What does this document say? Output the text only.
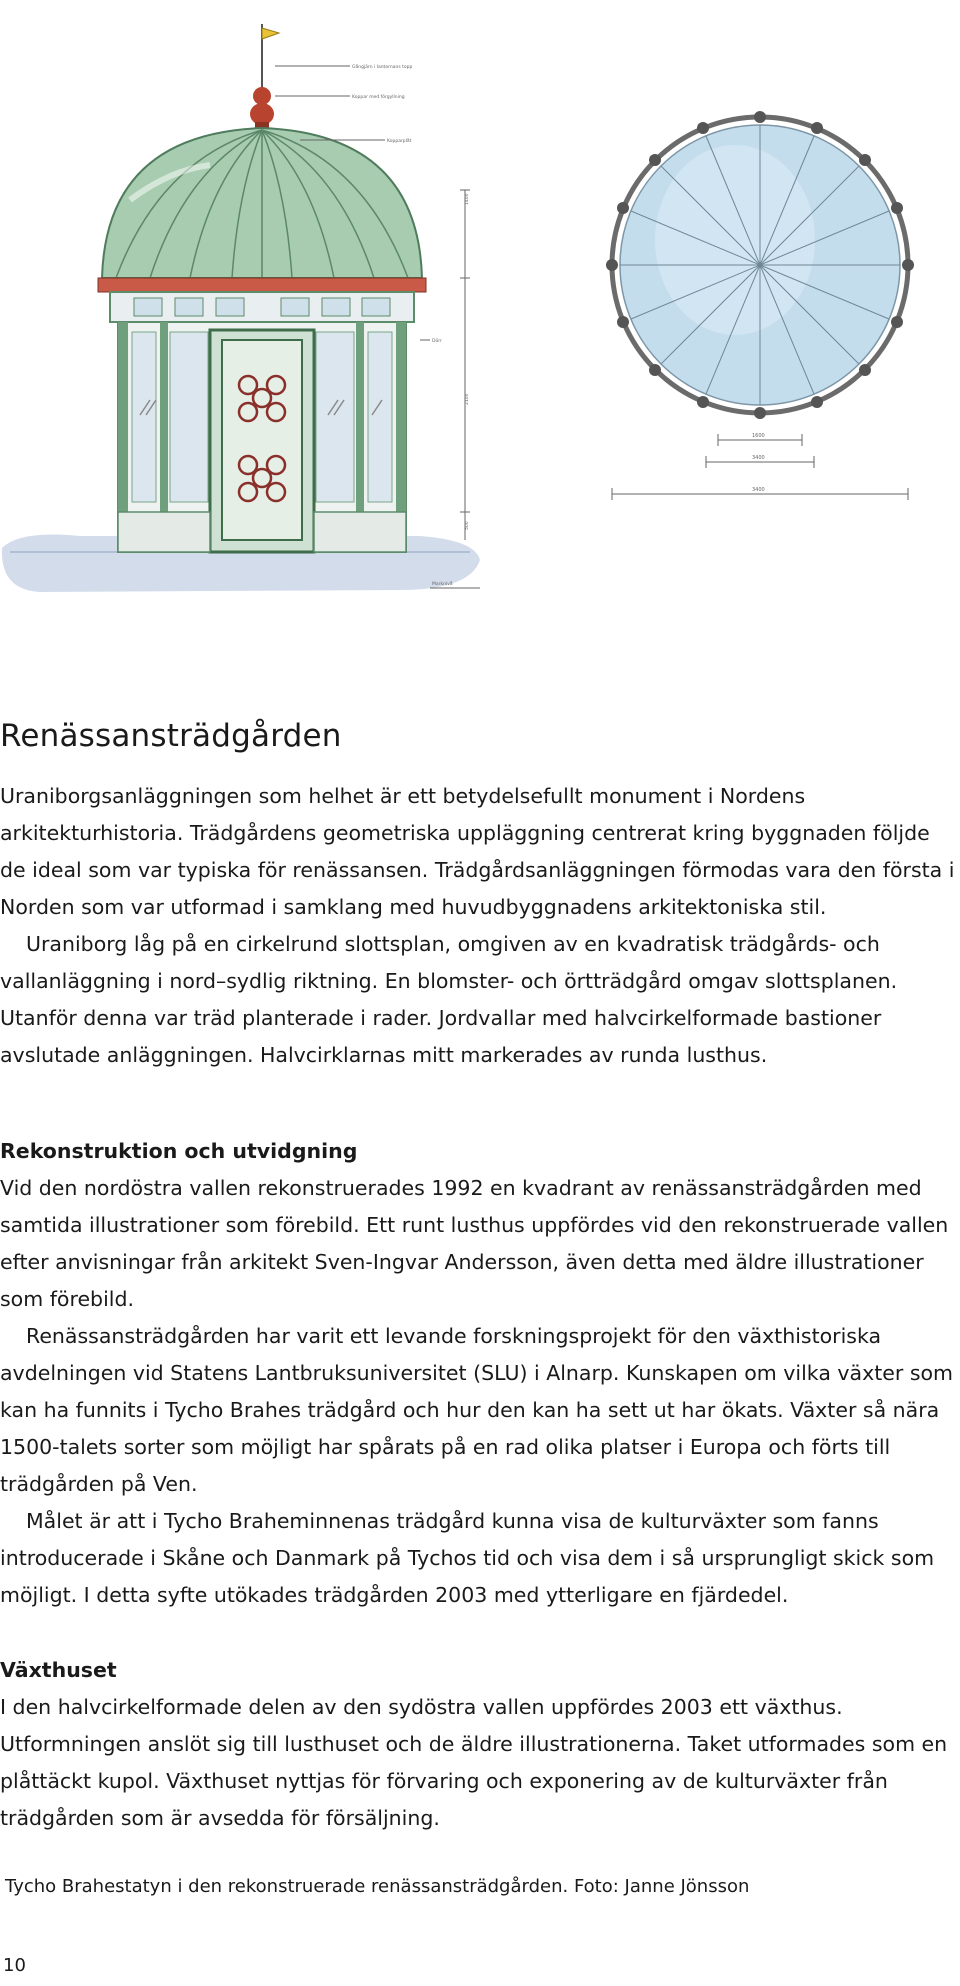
Gångjärn i lanternans topp
Koppar med förgyllning
Kopparplåt
Dörr
Marknivå
1400
2100
500
1600
3400
3400
Renässansträdgården

Uraniborgsanläggningen som helhet är ett betydelsefullt monument i Nordens arkitekturhistoria. Trädgårdens geometriska uppläggning centrerat kring byggnaden följde de ideal som var typiska för renässansen. Trädgårdsanläggningen förmodas vara den första i Norden som var utformad i samklang med huvudbyggnadens arkitektoniska stil.

Uraniborg låg på en cirkelrund slottsplan, omgiven av en kvadratisk trädgårds- och vallanläggning i nord–sydlig riktning. En blomster- och örtträdgård omgav slottsplanen. Utanför denna var träd planterade i rader. Jordvallar med halvcirkelformade bastioner avslutade anläggningen. Halvcirklarnas mitt markerades av runda lusthus.

Rekonstruktion och utvidgning

Vid den nordöstra vallen rekonstruerades 1992 en kvadrant av renässansträdgården med samtida illustrationer som förebild. Ett runt lusthus uppfördes vid den rekonstruerade vallen efter anvisningar från arkitekt Sven-Ingvar Andersson, även detta med äldre illustrationer som förebild.

Renässansträdgården har varit ett levande forskningsprojekt för den växthistoriska avdelningen vid Statens Lantbruksuniversitet (SLU) i Alnarp. Kunskapen om vilka växter som kan ha funnits i Tycho Brahes trädgård och hur den kan ha sett ut har ökats. Växter så nära 1500-talets sorter som möjligt har spårats på en rad olika platser i Europa och förts till trädgården på Ven.

Målet är att i Tycho Braheminnenas trädgård kunna visa de kulturväxter som fanns introducerade i Skåne och Danmark på Tychos tid och visa dem i så ursprungligt skick som möjligt. I detta syfte utökades trädgården 2003 med ytterligare en fjärdedel.

Växthuset

I den halvcirkelformade delen av den sydöstra vallen uppfördes 2003 ett växthus. Utformningen anslöt sig till lusthuset och de äldre illustrationerna. Taket utformades som en plåttäckt kupol. Växthuset nyttjas för förvaring och exponering av de kulturväxter från trädgården som är avsedda för försäljning.

Tycho Brahestatyn i den rekonstruerade renässansträdgården. Foto: Janne Jönsson
10
